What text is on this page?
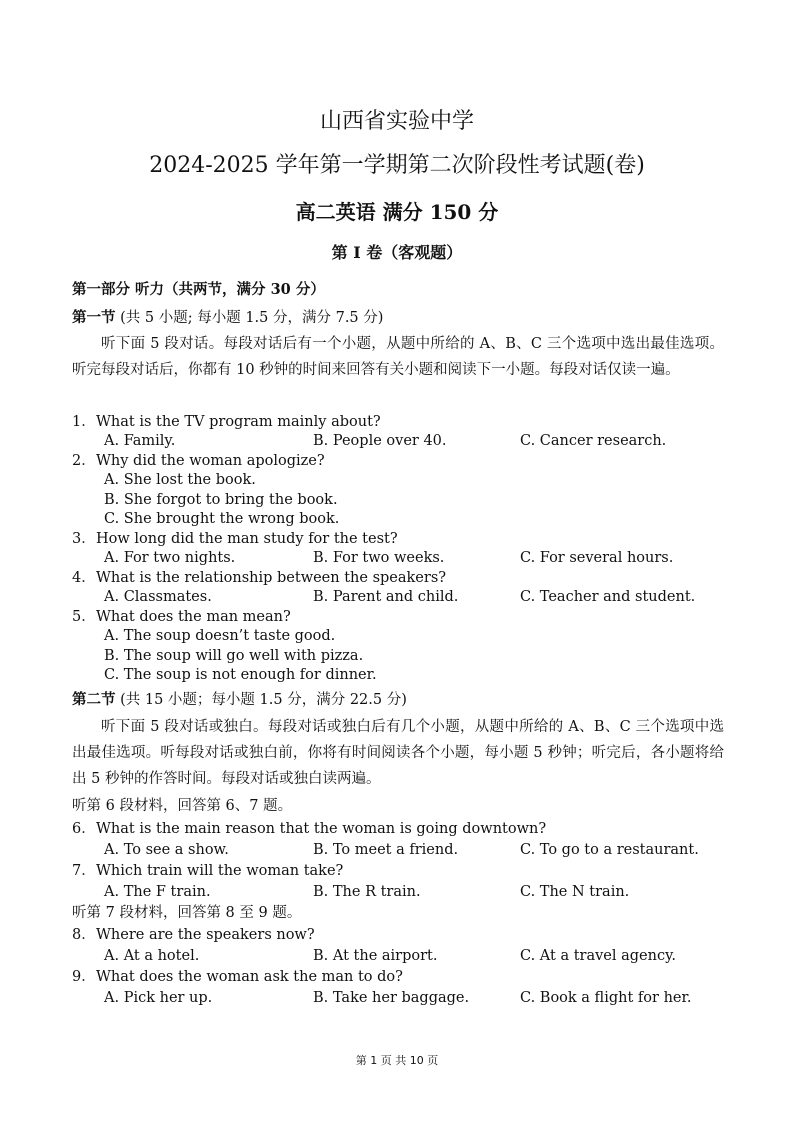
山西省实验中学
2024-2025 学年第一学期第二次阶段性考试题(卷)
高二英语 满分 150 分
第 I 卷（客观题）
第一部分 听力（共两节，满分 30 分）
第一节 (共 5 小题; 每小题 1.5 分，满分 7.5 分)
听下面 5 段对话。每段对话后有一个小题，从题中所给的 A、B、C 三个选项中选出最佳选项。听完每段对话后，你都有 10 秒钟的时间来回答有关小题和阅读下一小题。每段对话仅读一遍。
1． What is the TV program mainly about?
A. Family.	B. People over 40.	C. Cancer research.
2． Why did the woman apologize?
A. She lost the book.
B. She forgot to bring the book.
C. She brought the wrong book.
3． How long did the man study for the test?
A. For two nights.	B. For two weeks.	C. For several hours.
4． What is the relationship between the speakers?
A. Classmates.	B. Parent and child.	C. Teacher and student.
5． What does the man mean?
A. The soup doesn’t taste good.
B. The soup will go well with pizza.
C. The soup is not enough for dinner.
第二节 (共 15 小题；每小题 1.5 分，满分 22.5 分)
听下面 5 段对话或独白。每段对话或独白后有几个小题，从题中所给的 A、B、C 三个选项中选出最佳选项。听每段对话或独白前，你将有时间阅读各个小题，每小题 5 秒钟；听完后，各小题将给出 5 秒钟的作答时间。每段对话或独白读两遍。
听第 6 段材料，回答第 6、7 题。
6． What is the main reason that the woman is going downtown?
A. To see a show.	B. To meet a friend.	C. To go to a restaurant.
7． Which train will the woman take?
A. The F train.	B. The R train.	C. The N train.
听第 7 段材料，回答第 8 至 9 题。
8． Where are the speakers now?
A. At a hotel.	B. At the airport.	C. At a travel agency.
9． What does the woman ask the man to do?
A. Pick her up.	B. Take her baggage.	C. Book a flight for her.
第 1 页 共 10 页
